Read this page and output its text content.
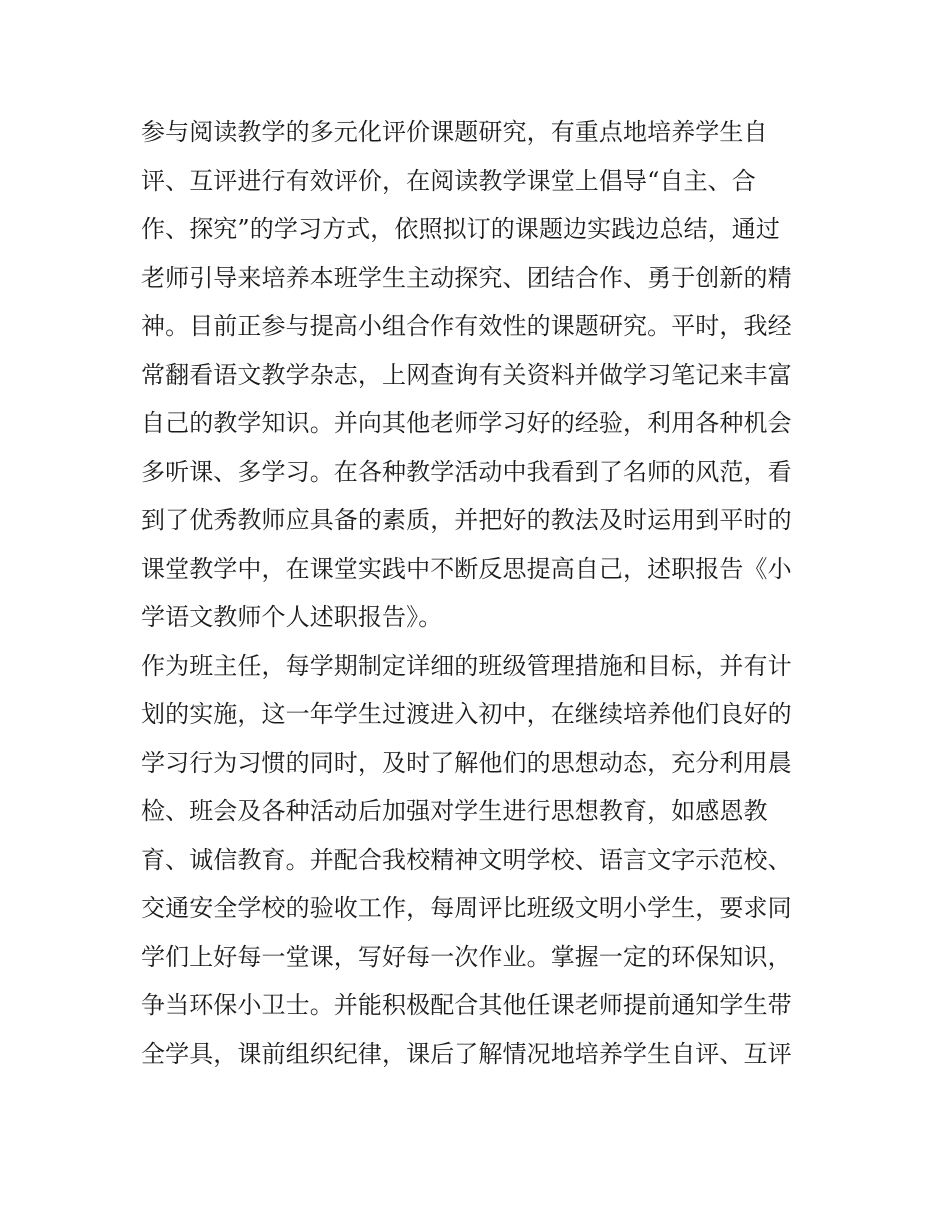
参与阅读教学的多元化评价课题研究，有重点地培养学生自
评、互评进行有效评价，在阅读教学课堂上倡导“自主、合
作、探究”的学习方式，依照拟订的课题边实践边总结，通过
老师引导来培养本班学生主动探究、团结合作、勇于创新的精
神。目前正参与提高小组合作有效性的课题研究。平时，我经
常翻看语文教学杂志，上网查询有关资料并做学习笔记来丰富
自己的教学知识。并向其他老师学习好的经验，利用各种机会
多听课、多学习。在各种教学活动中我看到了名师的风范，看
到了优秀教师应具备的素质，并把好的教法及时运用到平时的
课堂教学中，在课堂实践中不断反思提高自己，述职报告《小
学语文教师个人述职报告》。
作为班主任，每学期制定详细的班级管理措施和目标，并有计
划的实施，这一年学生过渡进入初中，在继续培养他们良好的
学习行为习惯的同时，及时了解他们的思想动态，充分利用晨
检、班会及各种活动后加强对学生进行思想教育，如感恩教
育、诚信教育。并配合我校精神文明学校、语言文字示范校、
交通安全学校的验收工作，每周评比班级文明小学生，要求同
学们上好每一堂课，写好每一次作业。掌握一定的环保知识，
争当环保小卫士。并能积极配合其他任课老师提前通知学生带
全学具，课前组织纪律，课后了解情况地培养学生自评、互评
